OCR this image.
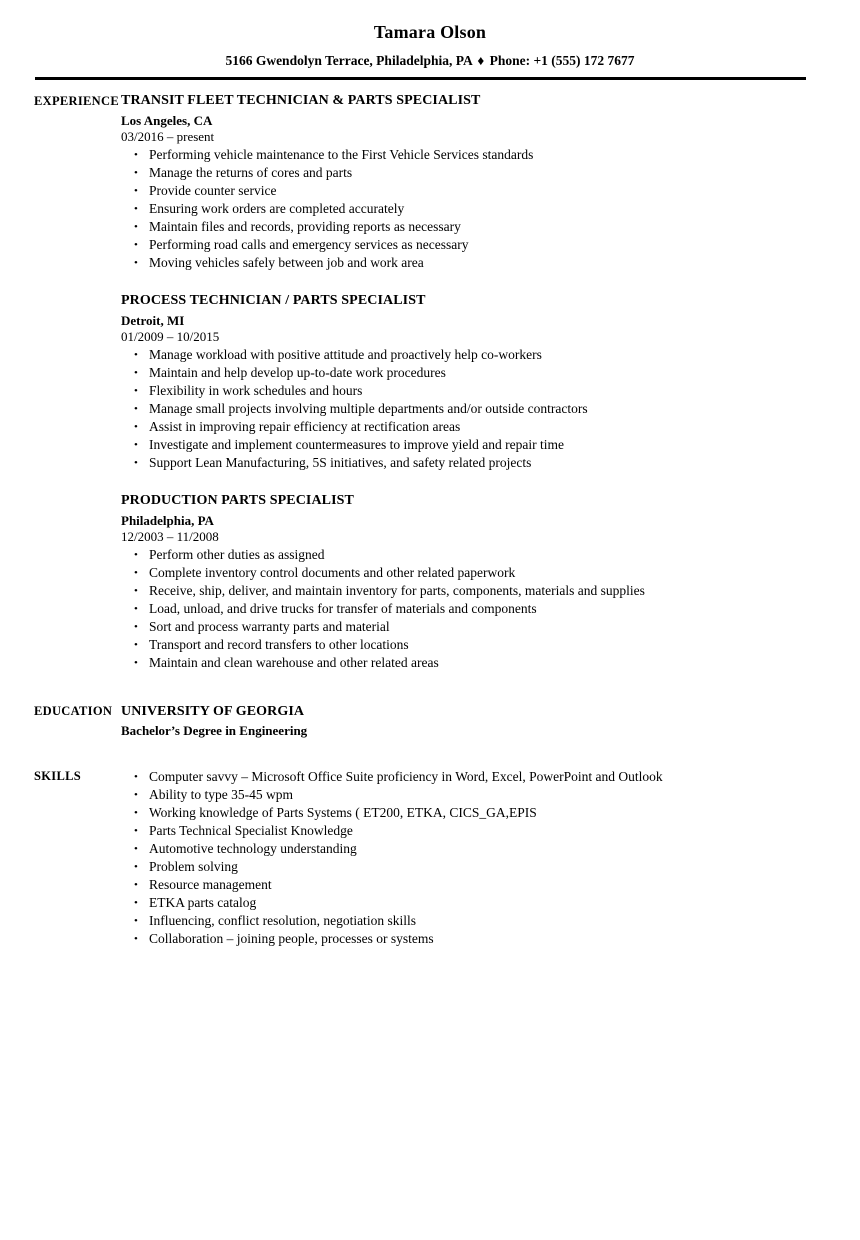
Tamara Olson
5166 Gwendolyn Terrace, Philadelphia, PA ♦ Phone: +1 (555) 172 7677
EXPERIENCE TRANSIT FLEET TECHNICIAN & PARTS SPECIALIST
Los Angeles, CA
03/2016 – present
• Performing vehicle maintenance to the First Vehicle Services standards
• Manage the returns of cores and parts
• Provide counter service
• Ensuring work orders are completed accurately
• Maintain files and records, providing reports as necessary
• Performing road calls and emergency services as necessary
• Moving vehicles safely between job and work area
PROCESS TECHNICIAN / PARTS SPECIALIST
Detroit, MI
01/2009 – 10/2015
• Manage workload with positive attitude and proactively help co-workers
• Maintain and help develop up-to-date work procedures
• Flexibility in work schedules and hours
• Manage small projects involving multiple departments and/or outside contractors
• Assist in improving repair efficiency at rectification areas
• Investigate and implement countermeasures to improve yield and repair time
• Support Lean Manufacturing, 5S initiatives, and safety related projects
PRODUCTION PARTS SPECIALIST
Philadelphia, PA
12/2003 – 11/2008
• Perform other duties as assigned
• Complete inventory control documents and other related paperwork
• Receive, ship, deliver, and maintain inventory for parts, components, materials and supplies
• Load, unload, and drive trucks for transfer of materials and components
• Sort and process warranty parts and material
• Transport and record transfers to other locations
• Maintain and clean warehouse and other related areas
EDUCATION UNIVERSITY OF GEORGIA
Bachelor’s Degree in Engineering
SKILLS	• Computer savvy – Microsoft Office Suite proficiency in Word, Excel, PowerPoint and Outlook
• Ability to type 35-45 wpm
• Working knowledge of Parts Systems ( ET200, ETKA, CICS_GA,EPIS
• Parts Technical Specialist Knowledge
• Automotive technology understanding
• Problem solving
• Resource management
• ETKA parts catalog
• Influencing, conflict resolution, negotiation skills
• Collaboration – joining people, processes or systems
